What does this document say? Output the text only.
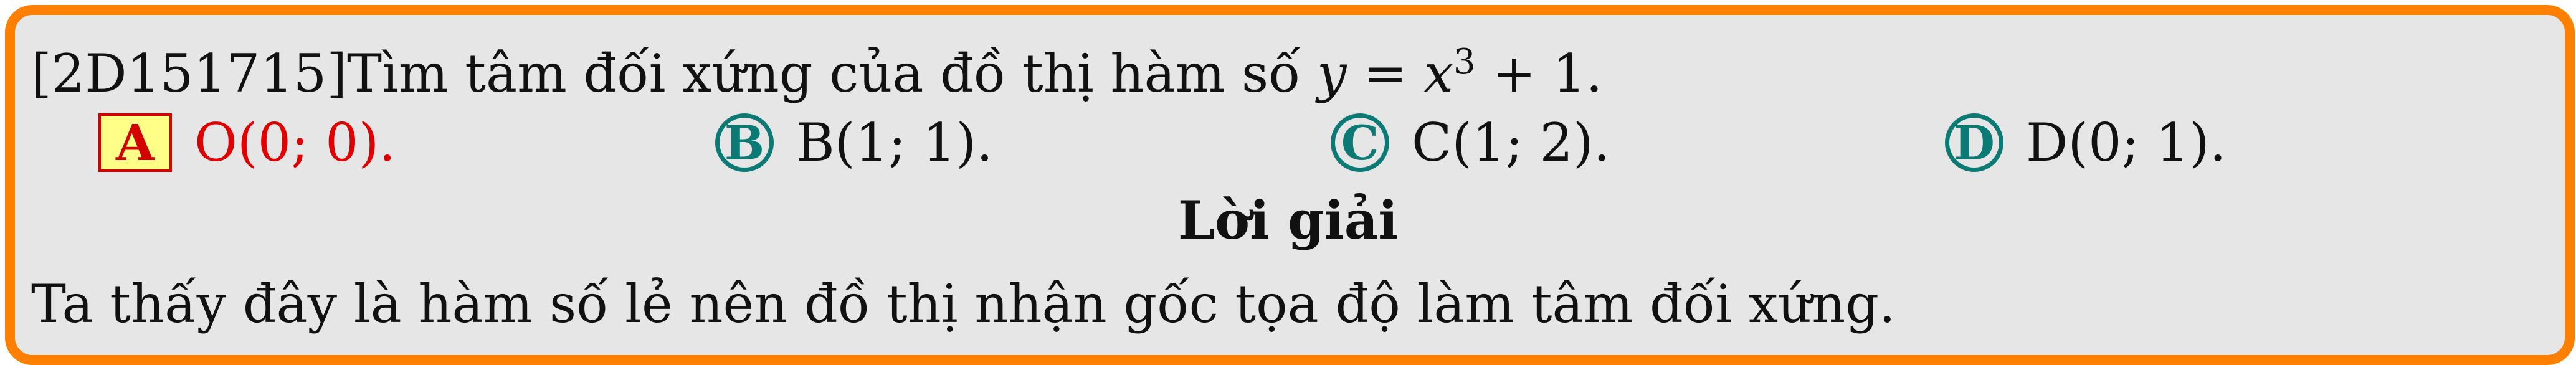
[2D151715]Tìm tâm đối xứng của đồ thị hàm số $y = x^3 + 1$.
A O(0; 0).	B B(1; 1).	C C(1; 2).	D D(0; 1).
Lời giải
Ta thấy đây là hàm số lẻ nên đồ thị nhận gốc tọa độ làm tâm đối xứng.
